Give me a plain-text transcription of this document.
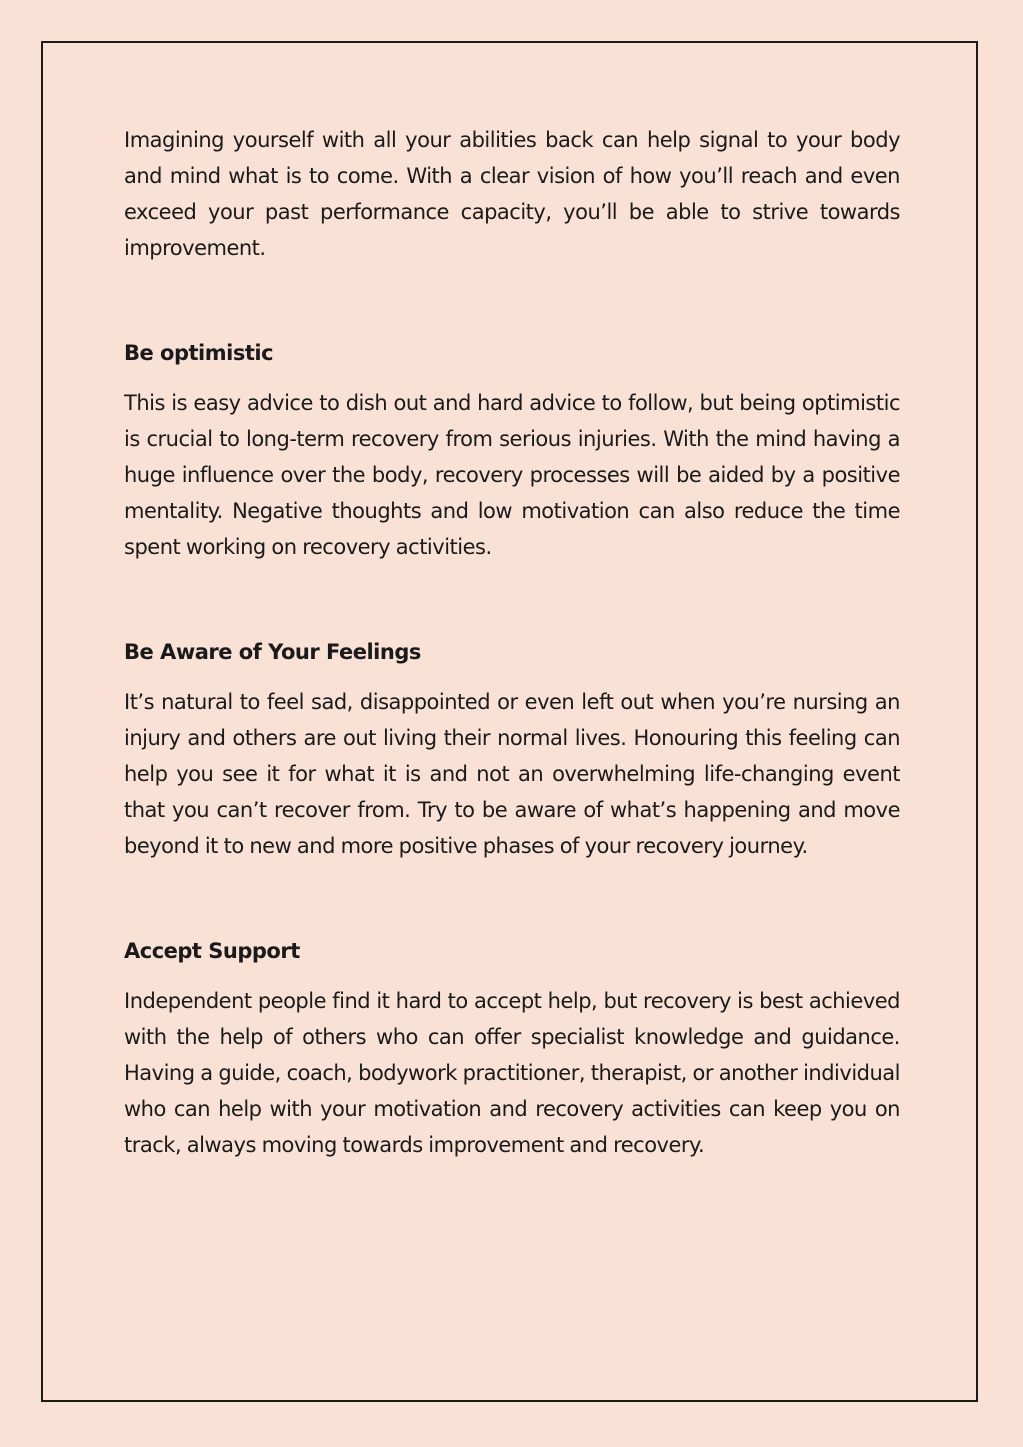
Imagining yourself with all your abilities back can help signal to your body and mind what is to come. With a clear vision of how you’ll reach and even exceed your past performance capacity, you’ll be able to strive towards improvement.

Be optimistic

This is easy advice to dish out and hard advice to follow, but being optimistic is crucial to long-term recovery from serious injuries. With the mind having a huge influence over the body, recovery processes will be aided by a positive mentality. Negative thoughts and low motivation can also reduce the time spent working on recovery activities.

Be Aware of Your Feelings

It’s natural to feel sad, disappointed or even left out when you’re nursing an injury and others are out living their normal lives. Honouring this feeling can help you see it for what it is and not an overwhelming life-changing event that you can’t recover from. Try to be aware of what’s happening and move beyond it to new and more positive phases of your recovery journey.

Accept Support

Independent people find it hard to accept help, but recovery is best achieved with the help of others who can offer specialist knowledge and guidance. Having a guide, coach, bodywork practitioner, therapist, or another individual who can help with your motivation and recovery activities can keep you on track, always moving towards improvement and recovery.
